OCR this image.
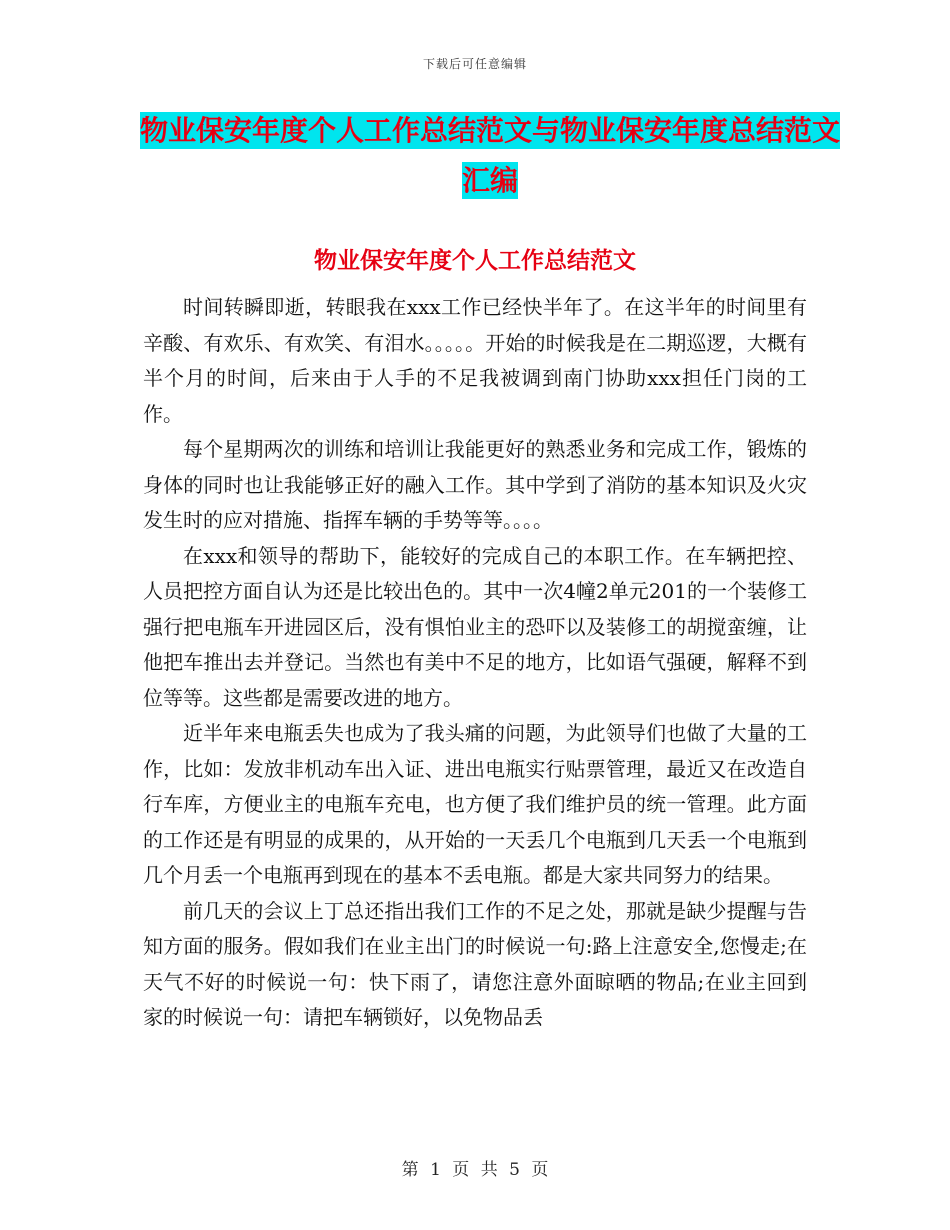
下载后可任意编辑
物业保安年度个人工作总结范文与物业保安年度总结范文汇编
物业保安年度个人工作总结范文

时间转瞬即逝，转眼我在xxx工作已经快半年了。在这半年的时间里有辛酸、有欢乐、有欢笑、有泪水。。。。。开始的时候我是在二期巡逻，大概有半个月的时间，后来由于人手的不足我被调到南门协助xxx担任门岗的工作。

每个星期两次的训练和培训让我能更好的熟悉业务和完成工作，锻炼的身体的同时也让我能够正好的融入工作。其中学到了消防的基本知识及火灾发生时的应对措施、指挥车辆的手势等等。。。。

在xxx和领导的帮助下，能较好的完成自己的本职工作。在车辆把控、人员把控方面自认为还是比较出色的。其中一次4幢2单元201的一个装修工强行把电瓶车开进园区后，没有惧怕业主的恐吓以及装修工的胡搅蛮缠，让他把车推出去并登记。当然也有美中不足的地方，比如语气强硬，解释不到位等等。这些都是需要改进的地方。

近半年来电瓶丢失也成为了我头痛的问题，为此领导们也做了大量的工作，比如：发放非机动车出入证、进出电瓶实行贴票管理，最近又在改造自行车库，方便业主的电瓶车充电，也方便了我们维护员的统一管理。此方面的工作还是有明显的成果的，从开始的一天丢几个电瓶到几天丢一个电瓶到几个月丢一个电瓶再到现在的基本不丢电瓶。都是大家共同努力的结果。

前几天的会议上丁总还指出我们工作的不足之处，那就是缺少提醒与告知方面的服务。假如我们在业主出门的时候说一句:路上注意安全,您慢走;在天气不好的时候说一句：快下雨了，请您注意外面晾晒的物品;在业主回到家的时候说一句：请把车辆锁好，以免物品丢

第 1 页 共 5 页
